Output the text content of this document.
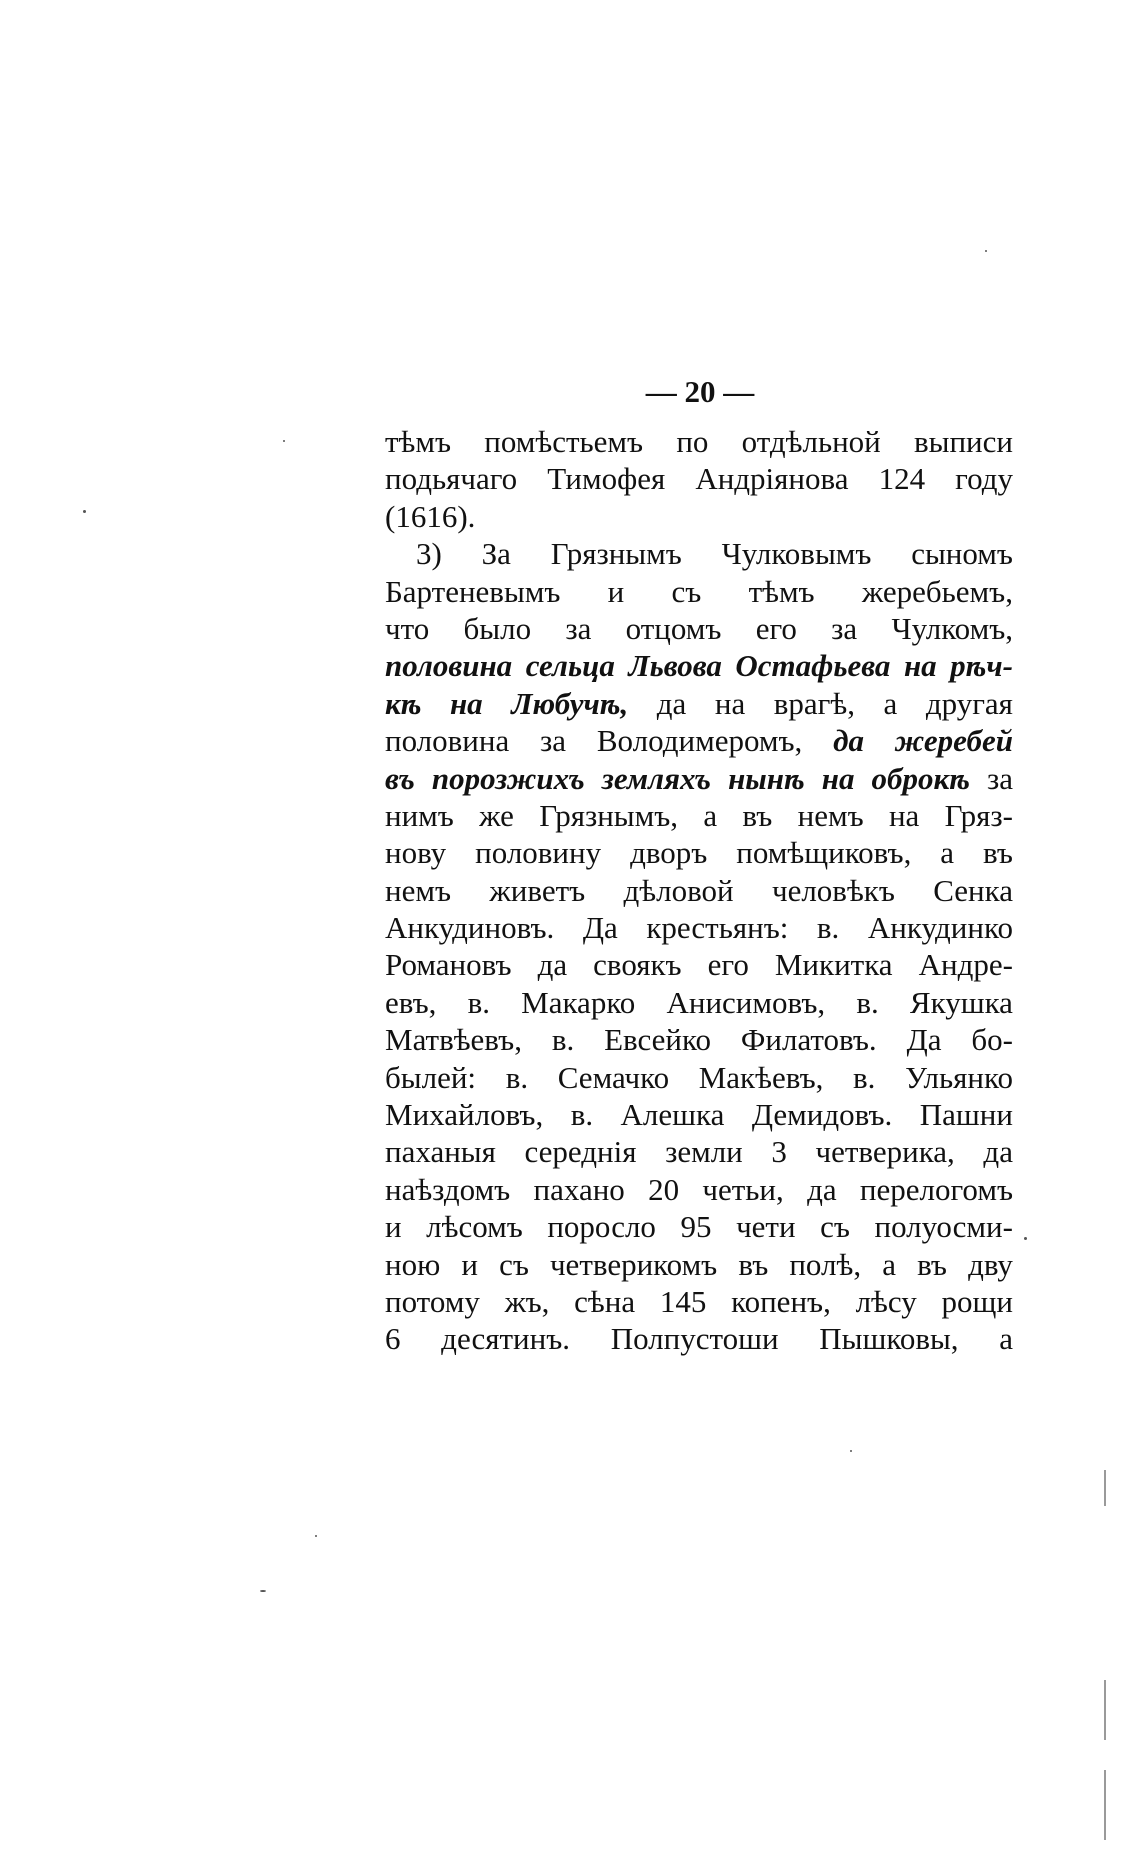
— 20 —
тѣмъ помѣстьемъ по отдѣльной выписи
подьячаго Тимофея Андріянова 124 году
(1616).
3) За Грязнымъ Чулковымъ сыномъ
Бартеневымъ и съ тѣмъ жеребьемъ,
что было за отцомъ его за Чулкомъ,
половина сельца Львова Остафьева на рѣч-
кѣ на Любучѣ, да на врагѣ, а другая
половина за Володимеромъ, да жеребей
въ порозжихъ земляхъ нынѣ на оброкѣ за
нимъ же Грязнымъ, а въ немъ на Гряз-
нову половину дворъ помѣщиковъ, а въ
немъ живетъ дѣловой человѣкъ Сенка
Анкудиновъ. Да крестьянъ: в. Анкудинко
Романовъ да своякъ его Микитка Андре-
евъ, в. Макарко Анисимовъ, в. Якушка
Матвѣевъ, в. Евсейко Филатовъ. Да бо-
былей: в. Семачко Макѣевъ, в. Ульянко
Михайловъ, в. Алешка Демидовъ. Пашни
паханыя середнія земли 3 четверика, да
наѣздомъ пахано 20 четьи, да перелогомъ
и лѣсомъ поросло 95 чети съ полуосми-
ною и съ четверикомъ въ полѣ, а въ дву
потому жъ, сѣна 145 копенъ, лѣсу рощи
6 десятинъ. Полпустоши Пышковы, а
